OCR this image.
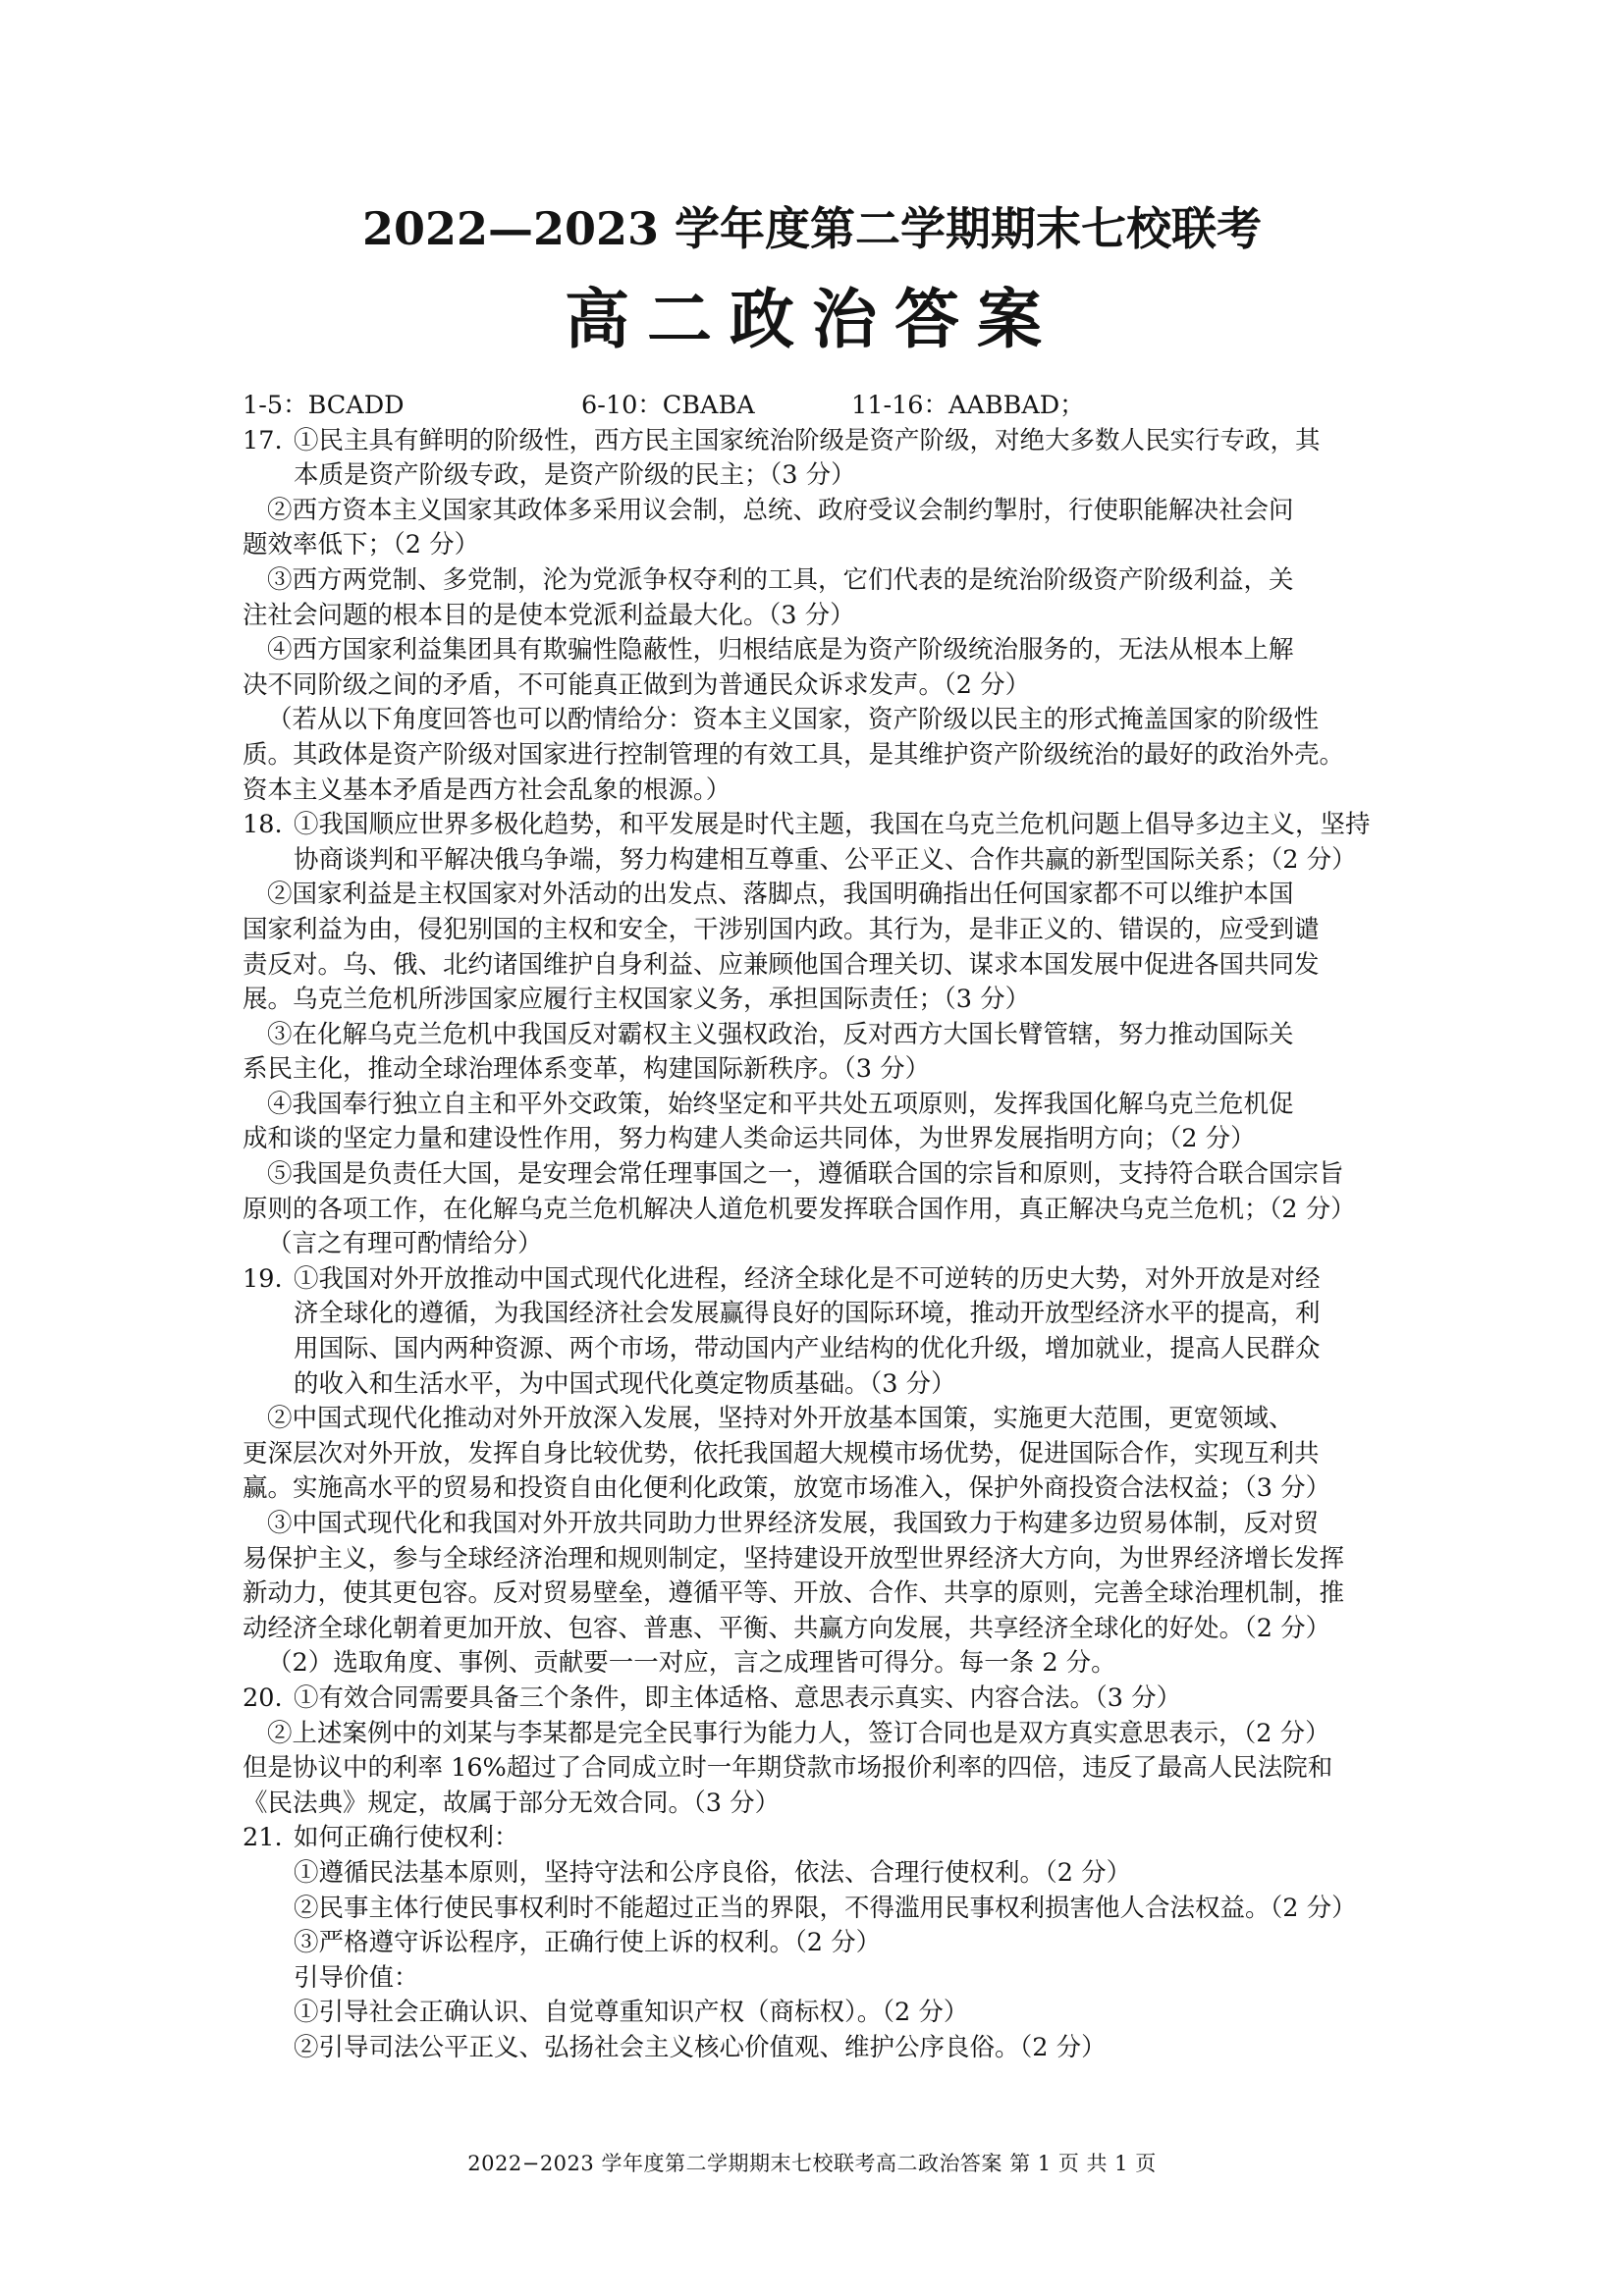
2022—2023 学年度第二学期期末七校联考
高二政治答案
1-5：BCADD	6-10：CBABA	11-16：AABBAD；
17. ①民主具有鲜明的阶级性，西方民主国家统治阶级是资产阶级，对绝大多数人民实行专政，其
本质是资产阶级专政，是资产阶级的民主；（3 分）
②西方资本主义国家其政体多采用议会制，总统、政府受议会制约掣肘，行使职能解决社会问
题效率低下；（2 分）
③西方两党制、多党制，沦为党派争权夺利的工具，它们代表的是统治阶级资产阶级利益，关
注社会问题的根本目的是使本党派利益最大化。（3 分）
④西方国家利益集团具有欺骗性隐蔽性，归根结底是为资产阶级统治服务的，无法从根本上解
决不同阶级之间的矛盾，不可能真正做到为普通民众诉求发声。（2 分）
（若从以下角度回答也可以酌情给分：资本主义国家，资产阶级以民主的形式掩盖国家的阶级性
质。其政体是资产阶级对国家进行控制管理的有效工具，是其维护资产阶级统治的最好的政治外壳。
资本主义基本矛盾是西方社会乱象的根源。）
18. ①我国顺应世界多极化趋势，和平发展是时代主题，我国在乌克兰危机问题上倡导多边主义，坚持
协商谈判和平解决俄乌争端，努力构建相互尊重、公平正义、合作共赢的新型国际关系；（2 分）
②国家利益是主权国家对外活动的出发点、落脚点，我国明确指出任何国家都不可以维护本国
国家利益为由，侵犯别国的主权和安全，干涉别国内政。其行为，是非正义的、错误的，应受到谴
责反对。乌、俄、北约诸国维护自身利益、应兼顾他国合理关切、谋求本国发展中促进各国共同发
展。乌克兰危机所涉国家应履行主权国家义务，承担国际责任；（3 分）
③在化解乌克兰危机中我国反对霸权主义强权政治，反对西方大国长臂管辖，努力推动国际关
系民主化，推动全球治理体系变革，构建国际新秩序。（3 分）
④我国奉行独立自主和平外交政策，始终坚定和平共处五项原则，发挥我国化解乌克兰危机促
成和谈的坚定力量和建设性作用，努力构建人类命运共同体，为世界发展指明方向；（2 分）
⑤我国是负责任大国，是安理会常任理事国之一，遵循联合国的宗旨和原则，支持符合联合国宗旨
原则的各项工作，在化解乌克兰危机解决人道危机要发挥联合国作用，真正解决乌克兰危机；（2 分）
（言之有理可酌情给分）
19. ①我国对外开放推动中国式现代化进程，经济全球化是不可逆转的历史大势，对外开放是对经
济全球化的遵循，为我国经济社会发展赢得良好的国际环境，推动开放型经济水平的提高，利
用国际、国内两种资源、两个市场，带动国内产业结构的优化升级，增加就业，提高人民群众
的收入和生活水平，为中国式现代化奠定物质基础。（3 分）
②中国式现代化推动对外开放深入发展，坚持对外开放基本国策，实施更大范围，更宽领域、
更深层次对外开放，发挥自身比较优势，依托我国超大规模市场优势，促进国际合作，实现互利共
赢。实施高水平的贸易和投资自由化便利化政策，放宽市场准入，保护外商投资合法权益；（3 分）
③中国式现代化和我国对外开放共同助力世界经济发展，我国致力于构建多边贸易体制，反对贸
易保护主义，参与全球经济治理和规则制定，坚持建设开放型世界经济大方向，为世界经济增长发挥
新动力，使其更包容。反对贸易壁垒，遵循平等、开放、合作、共享的原则，完善全球治理机制，推
动经济全球化朝着更加开放、包容、普惠、平衡、共赢方向发展，共享经济全球化的好处。（2 分）
（2）选取角度、事例、贡献要一一对应，言之成理皆可得分。每一条 2 分。
20. ①有效合同需要具备三个条件，即主体适格、意思表示真实、内容合法。（3 分）
②上述案例中的刘某与李某都是完全民事行为能力人，签订合同也是双方真实意思表示，（2 分）
但是协议中的利率 16%超过了合同成立时一年期贷款市场报价利率的四倍，违反了最高人民法院和
《民法典》规定，故属于部分无效合同。（3 分）
21. 如何正确行使权利：
①遵循民法基本原则，坚持守法和公序良俗，依法、合理行使权利。（2 分）
②民事主体行使民事权利时不能超过正当的界限，不得滥用民事权利损害他人合法权益。（2 分）
③严格遵守诉讼程序，正确行使上诉的权利。（2 分）
引导价值：
①引导社会正确认识、自觉尊重知识产权（商标权）。（2 分）
②引导司法公平正义、弘扬社会主义核心价值观、维护公序良俗。（2 分）
2022−2023 学年度第二学期期末七校联考高二政治答案 第 1 页 共 1 页
